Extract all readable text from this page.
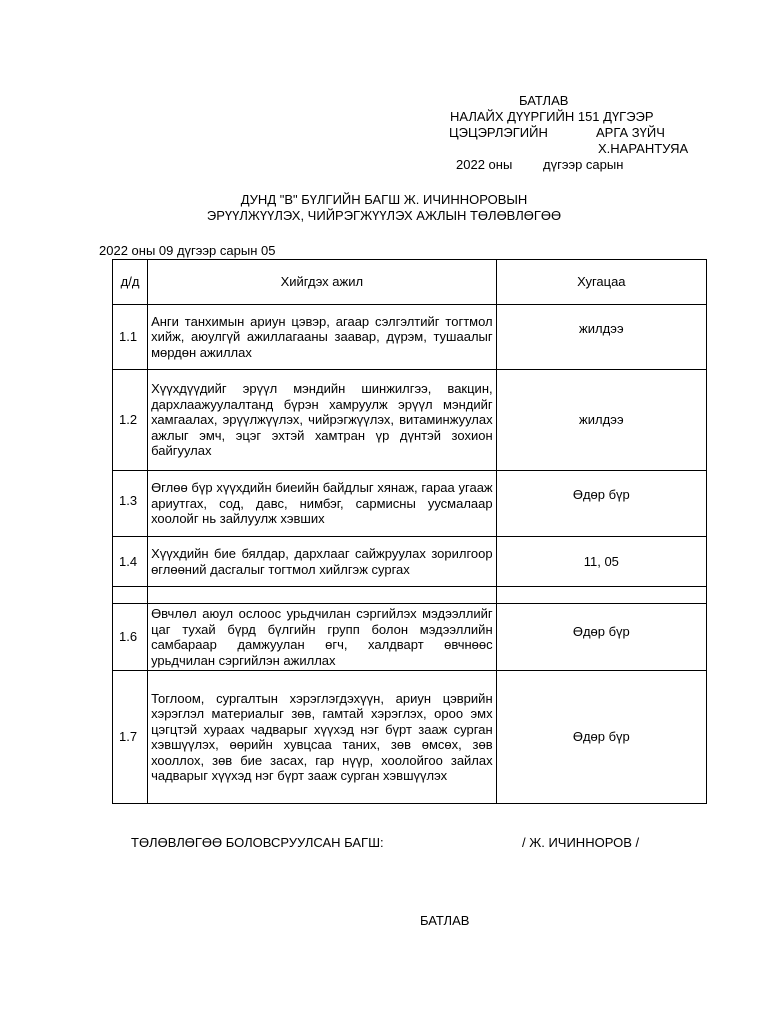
БАТЛАВ
НАЛАЙХ ДҮҮРГИЙН 151 ДҮГЭЭР
ЦЭЦЭРЛЭГИЙН	АРГА ЗҮЙЧ
Х.НАРАНТУЯА
2022 оны дүгээр сарын
ДУНД "В" БҮЛГИЙН БАГШ Ж. ИЧИННОРОВЫН
ЭРҮҮЛЖҮҮЛЭХ, ЧИЙРЭГЖҮҮЛЭХ АЖЛЫН ТӨЛӨВЛӨГӨӨ
2022 оны 09 дүгээр сарын 05
д/д	Хийгдэх ажил	Хугацаа
1.1	Анги танхимын ариун цэвэр, агаар сэлгэлтийг тогтмол хийж, аюулгүй ажиллагааны заавар, дүрэм, тушаалыг мөрдөн ажиллах	жилдээ
1.2	Хүүхдүүдийг эрүүл мэндийн шинжилгээ, вакцин, дархлаажуулалтанд бүрэн хамруулж эрүүл мэндийг хамгаалах, эрүүлжүүлэх, чийрэгжүүлэх, витаминжуулах ажлыг эмч, эцэг эхтэй хамтран үр дүнтэй зохион байгуулах	жилдээ
1.3	Өглөө бүр хүүхдийн биеийн байдлыг хянаж, гараа угааж ариутгах, сод, давс, нимбэг, сармисны уусмалаар хоолойг нь зайлуулж хэвших	Өдөр бүр
1.4	Хүүхдийн бие бялдар, дархлааг сайжруулах зорилгоор өглөөний дасгалыг тогтмол хийлгэж сургах	11, 05

1.6	Өвчлөл аюул ослоос урьдчилан сэргийлэх мэдээллийг цаг тухай бүрд бүлгийн групп болон мэдээллийн самбараар дамжуулан өгч, халдварт өвчнөөс урьдчилан сэргийлэн ажиллах	Өдөр бүр
1.7	Тоглоом, сургалтын хэрэглэгдэхүүн, ариун цэврийн хэрэглэл материалыг зөв, гамтай хэрэглэх, ороо эмх цэгцтэй хураах чадварыг хүүхэд нэг бүрт зааж сурган хэвшүүлэх, өөрийн хувцсаа таних, зөв өмсөх, зөв хооллох, зөв бие засах, гар нүүр, хоолойгоо зайлах чадварыг хүүхэд нэг бүрт зааж сурган хэвшүүлэх	Өдөр бүр
ТӨЛӨВЛӨГӨӨ БОЛОВСРУУЛСАН БАГШ:	/ Ж. ИЧИННОРОВ /
БАТЛАВ
